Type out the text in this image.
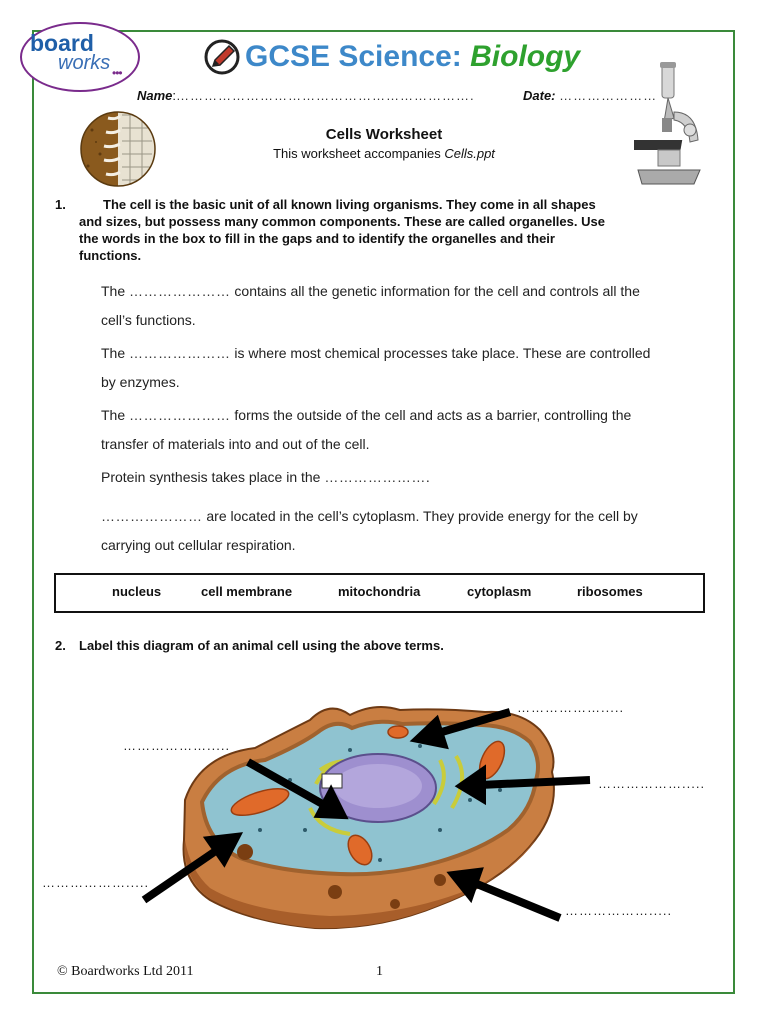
board
works •••	GCSE Science: Biology
Name:……………………………………………………….	Date: …………………
Cells Worksheet
This worksheet accompanies Cells.ppt
1.	The cell is the basic unit of all known living organisms. They come in all shapes
and sizes, but possess many common components. These are called organelles. Use
the words in the box to fill in the gaps and to identify the organelles and their
functions.
The ………………… contains all the genetic information for the cell and controls all the
cell’s functions.
The ………………… is where most chemical processes take place. These are controlled
by enzymes.
The ………………… forms the outside of the cell and acts as a barrier, controlling the
transfer of materials into and out of the cell.
Protein synthesis takes place in the ………………….
………………… are located in the cell’s cytoplasm. They provide energy for the cell by
carrying out cellular respiration.
nucleus	cell membrane	mitochondria	cytoplasm	ribosomes
2. Label this diagram of an animal cell using the above terms.
……………….....
……………….....
……………….....
……………….....
……………….....
© Boardworks Ltd 2011	1
